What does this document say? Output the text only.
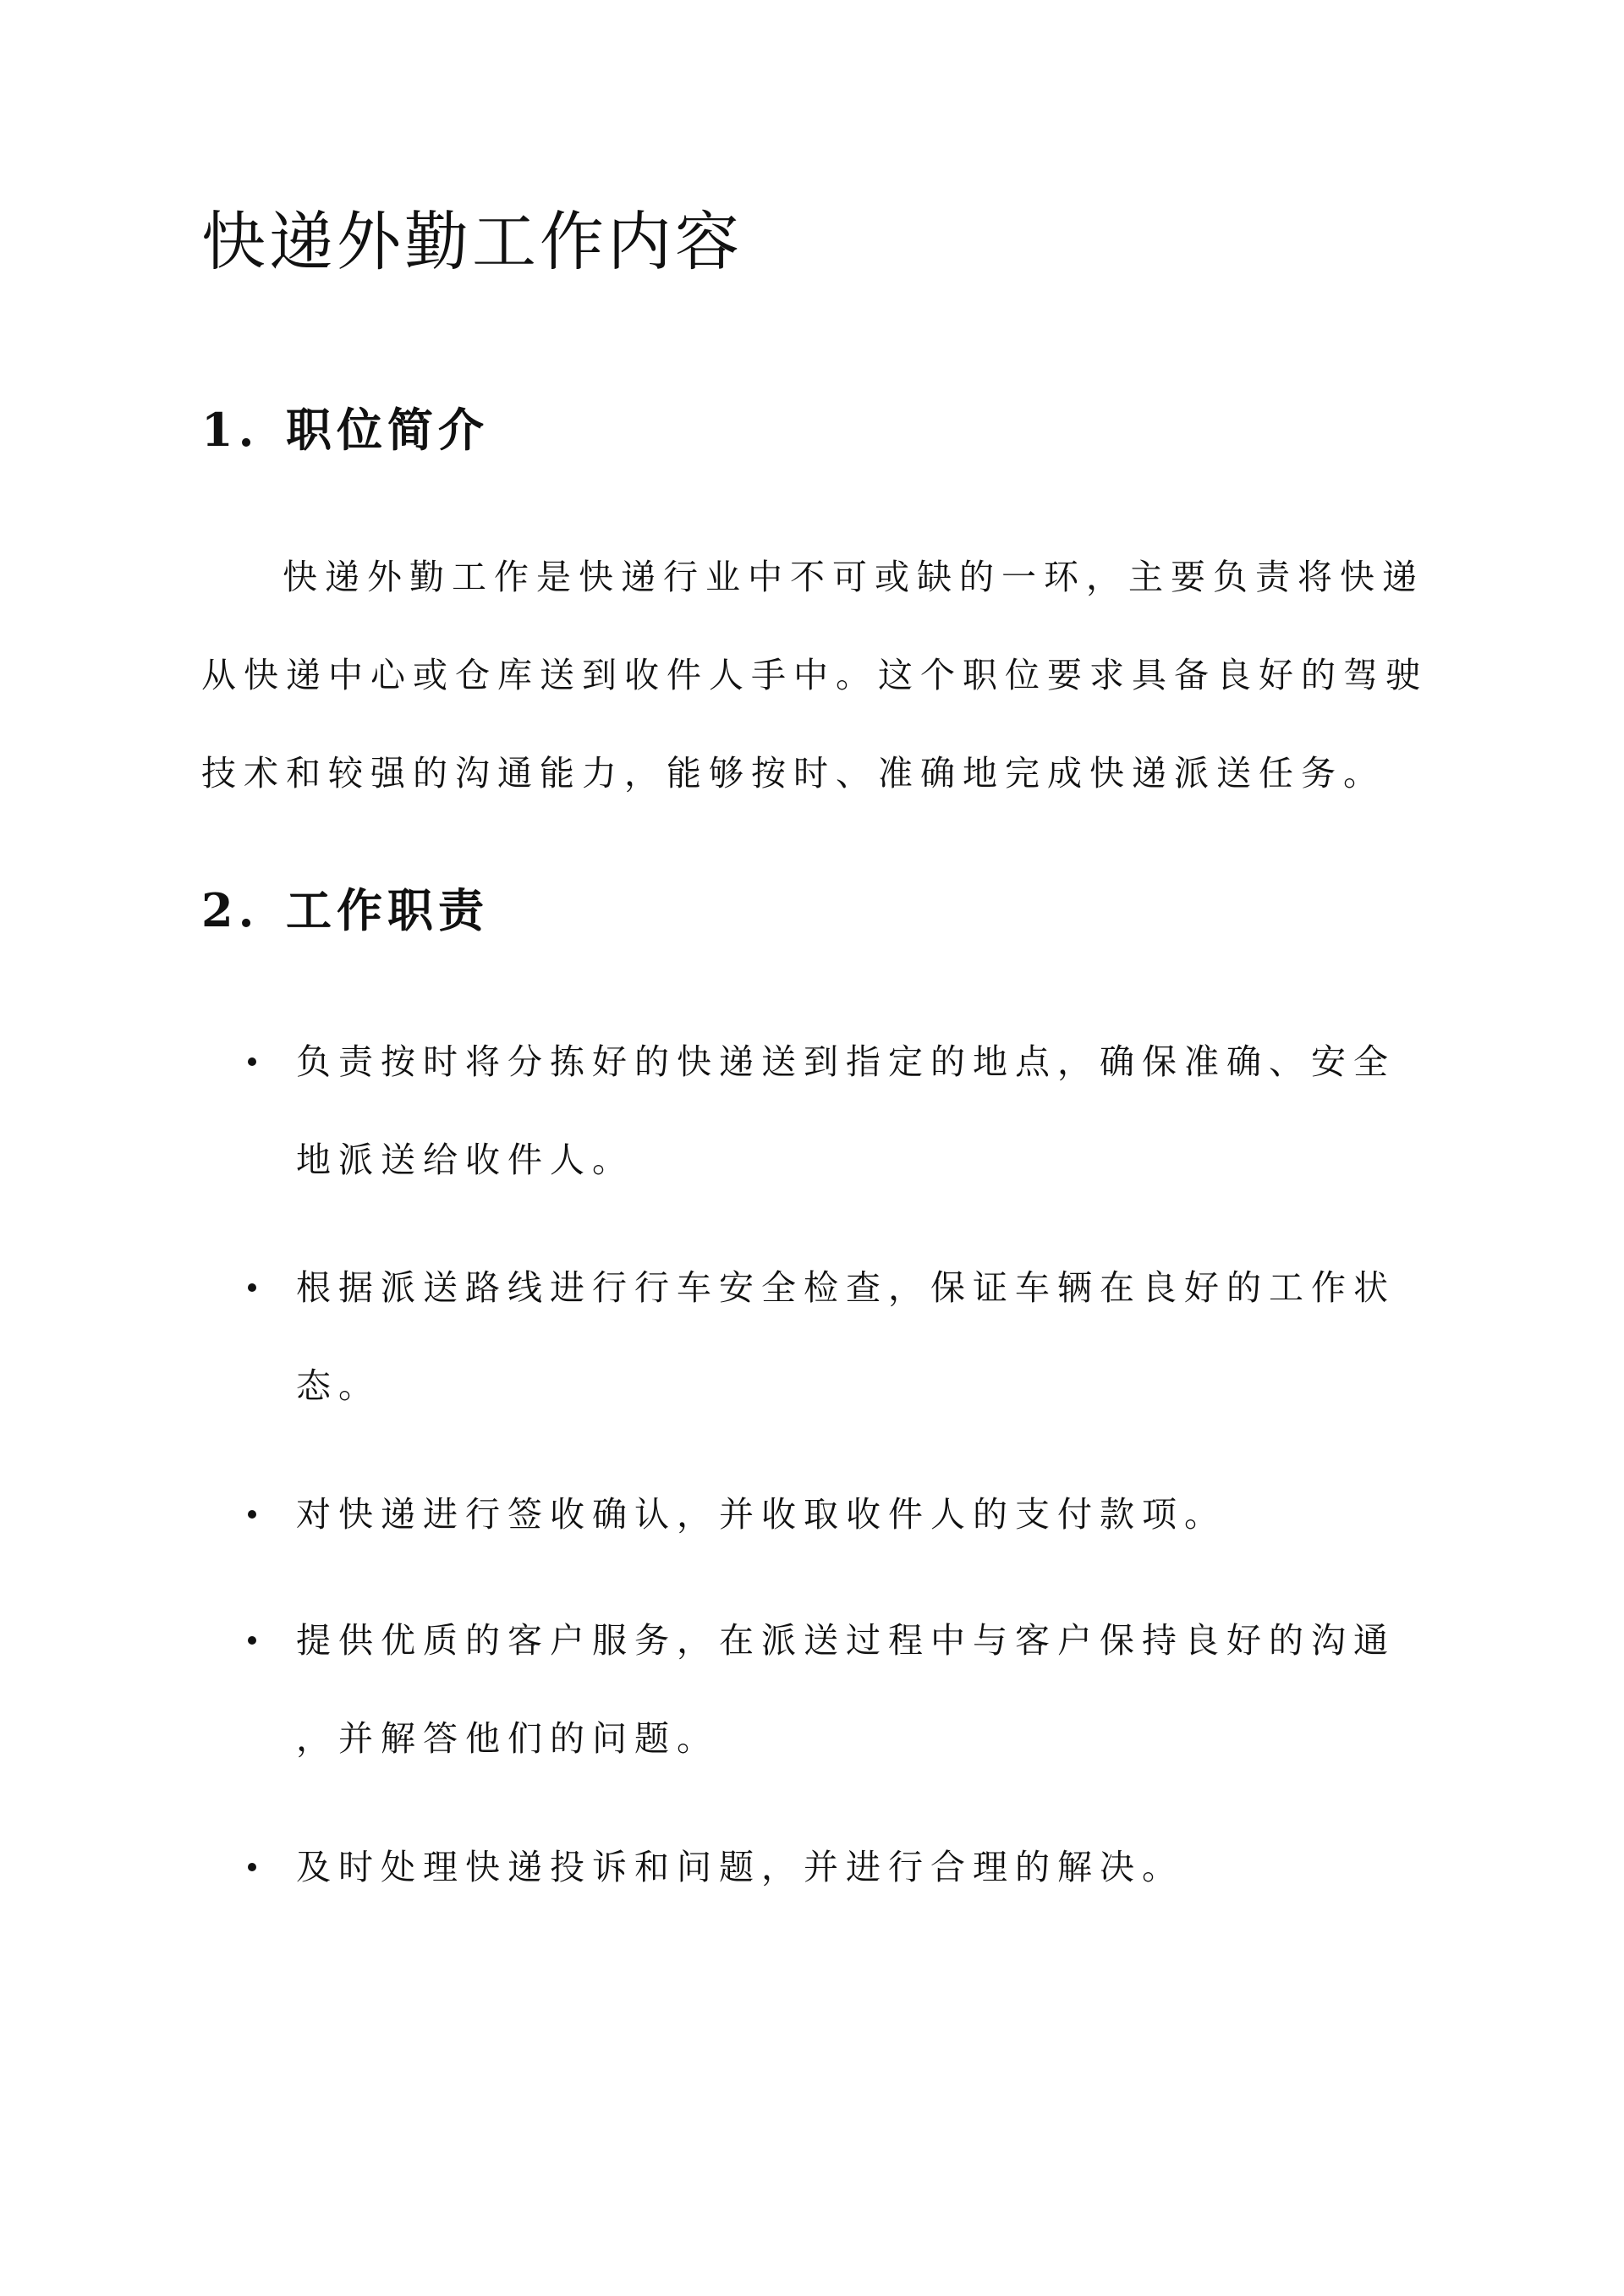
快递外勤工作内容
1. 职位简介

快递外勤工作是快递行业中不可或缺的一环，主要负责将快递

从快递中心或仓库送到收件人手中。这个职位要求具备良好的驾驶

技术和较强的沟通能力，能够按时、准确地完成快递派送任务。

2. 工作职责

负责按时将分拣好的快递送到指定的地点，确保准确、安全

地派送给收件人。

根据派送路线进行行车安全检查，保证车辆在良好的工作状

态。

对快递进行签收确认，并收取收件人的支付款项。

提供优质的客户服务，在派送过程中与客户保持良好的沟通

，并解答他们的问题。

及时处理快递投诉和问题，并进行合理的解决。
